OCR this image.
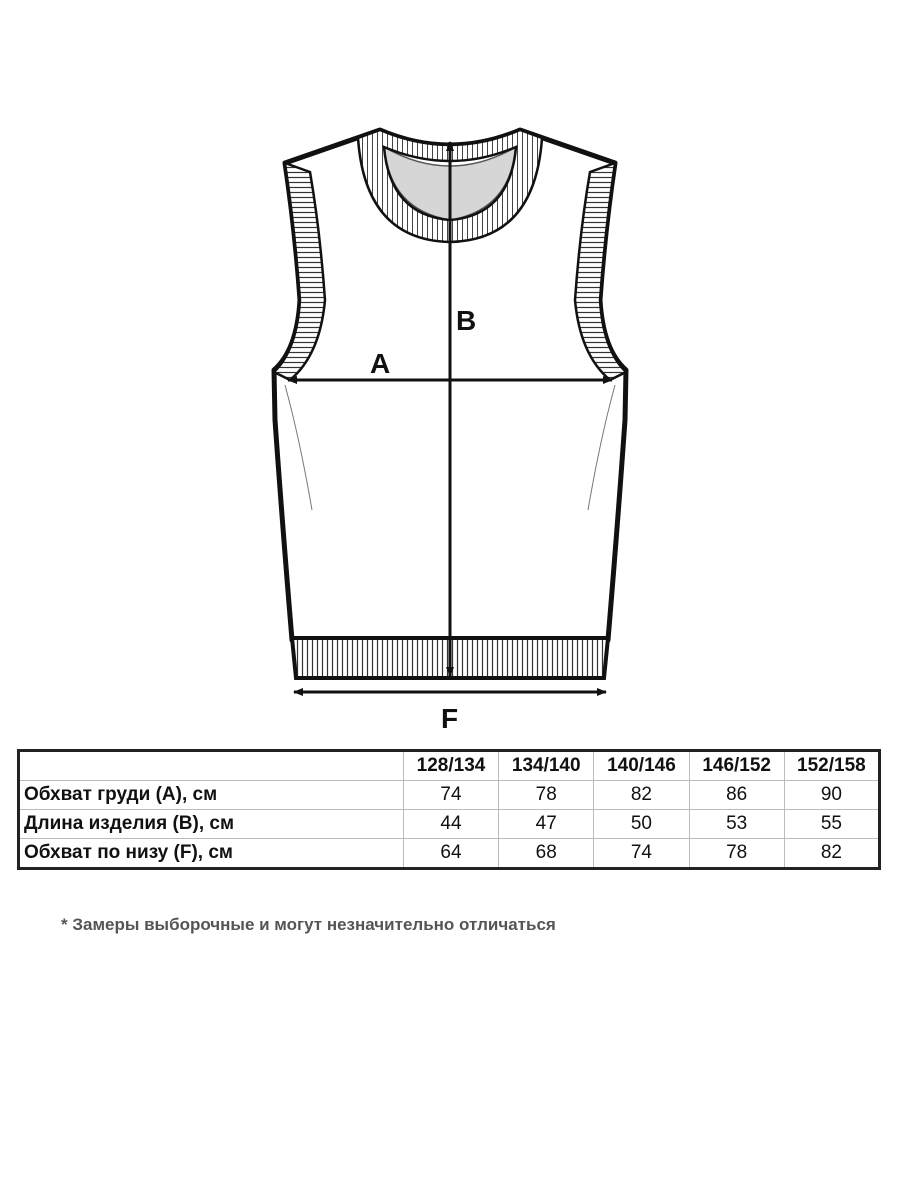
A
B
F
	128/134	134/140	140/146	146/152	152/158
Обхват груди (А), см	74	78	82	86	90
Длина изделия (В), см	44	47	50	53	55
Обхват по низу (F), см	64	68	74	78	82
* Замеры выборочные и могут незначительно отличаться
